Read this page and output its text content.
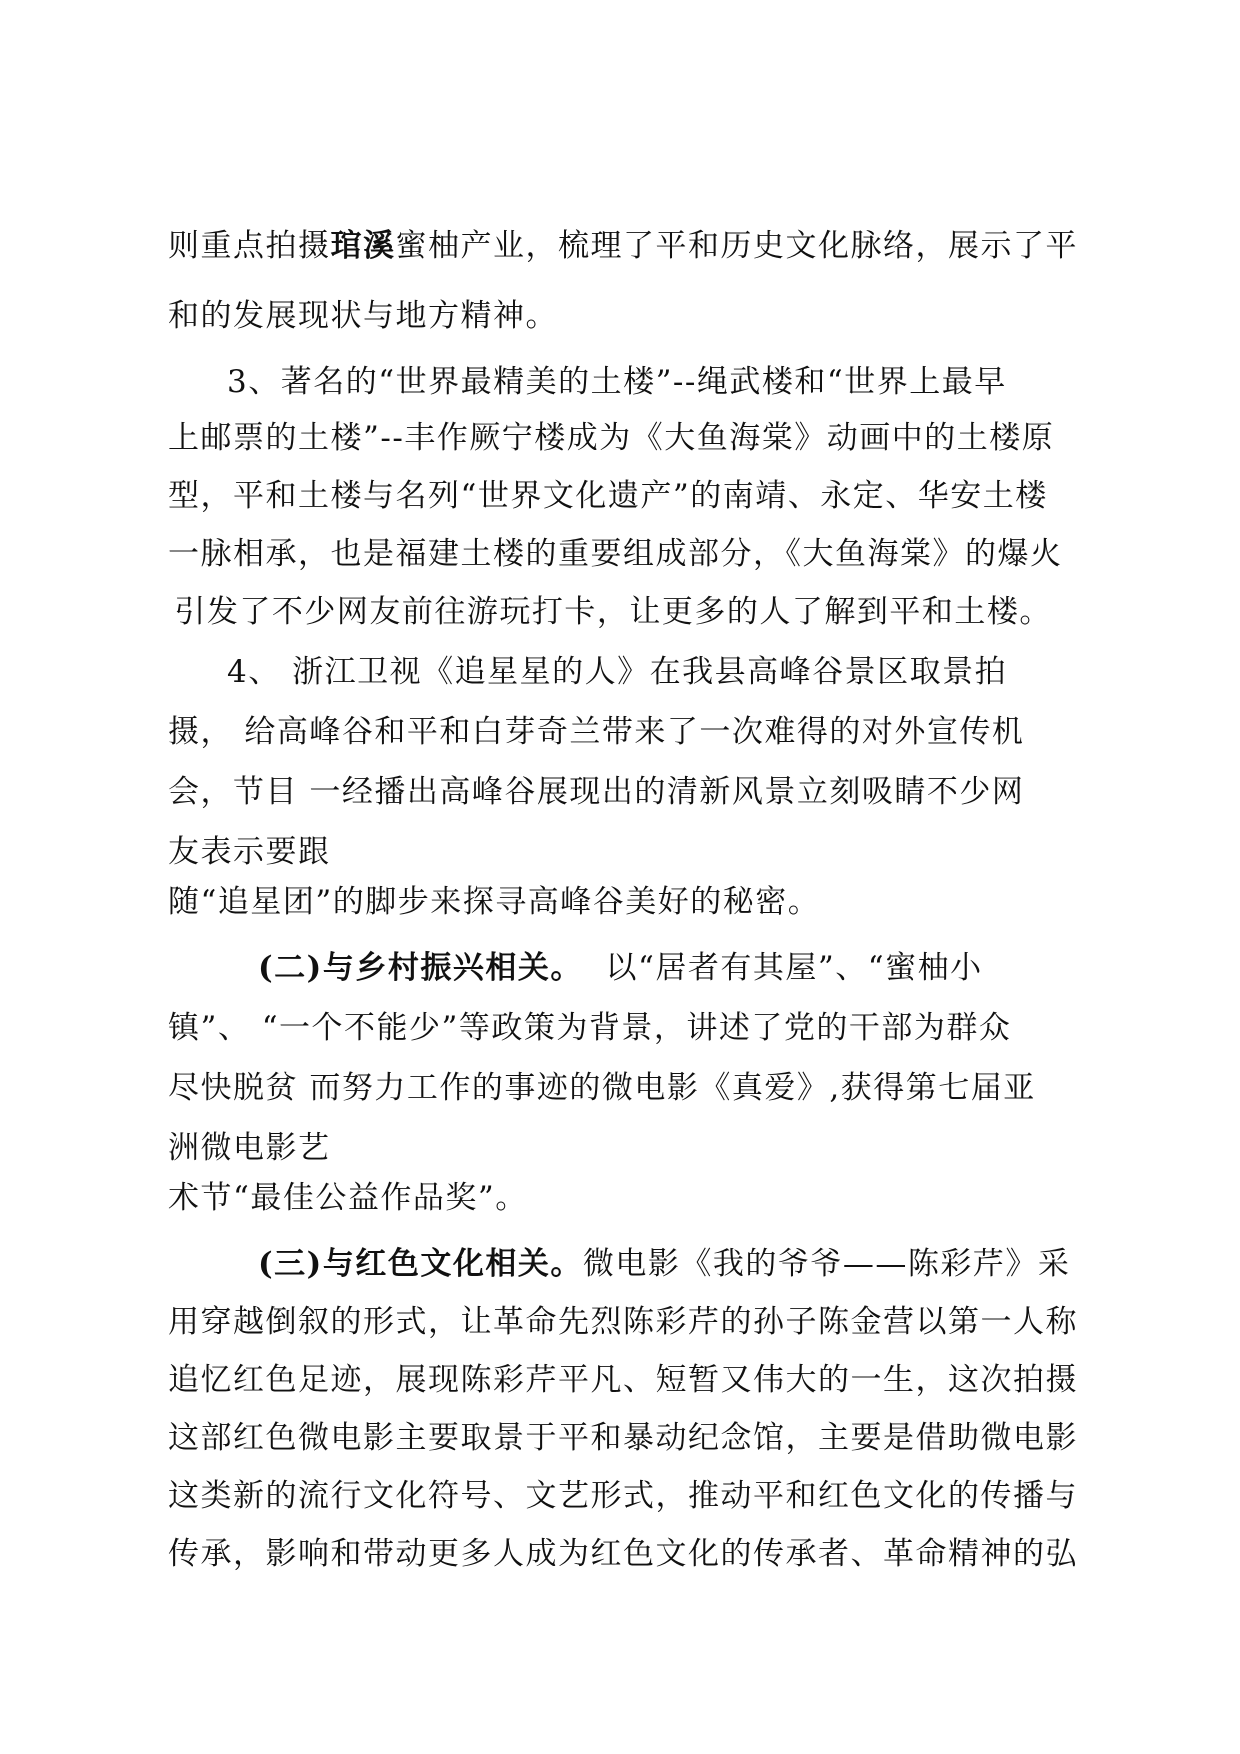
则重点拍摄琯溪蜜柚产业，梳理了平和历史文化脉络，展示了平
和的发展现状与地方精神。
3、著名的“世界最精美的土楼”--绳武楼和“世界上最早
上邮票的土楼”--丰作厥宁楼成为《大鱼海棠》动画中的土楼原
型，平和土楼与名列“世界文化遗产”的南靖、永定、华安土楼
一脉相承，也是福建土楼的重要组成部分，《大鱼海棠》的爆火
引发了不少网友前往游玩打卡，让更多的人了解到平和土楼。
4、 浙江卫视《追星星的人》在我县高峰谷景区取景拍
摄， 给高峰谷和平和白芽奇兰带来了一次难得的对外宣传机
会，节目 一经播出高峰谷展现出的清新风景立刻吸睛不少网
友表示要跟
随“追星团”的脚步来探寻高峰谷美好的秘密。
(二)与乡村振兴相关。  以“居者有其屋”、“蜜柚小
镇”、 “一个不能少”等政策为背景，讲述了党的干部为群众
尽快脱贫 而努力工作的事迹的微电影《真爱》,获得第七届亚
洲微电影艺
术节“最佳公益作品奖”。
(三)与红色文化相关。微电影《我的爷爷——陈彩芹》采
用穿越倒叙的形式，让革命先烈陈彩芹的孙子陈金营以第一人称
追忆红色足迹，展现陈彩芹平凡、短暂又伟大的一生，这次拍摄
这部红色微电影主要取景于平和暴动纪念馆，主要是借助微电影
这类新的流行文化符号、文艺形式，推动平和红色文化的传播与
传承，影响和带动更多人成为红色文化的传承者、革命精神的弘
